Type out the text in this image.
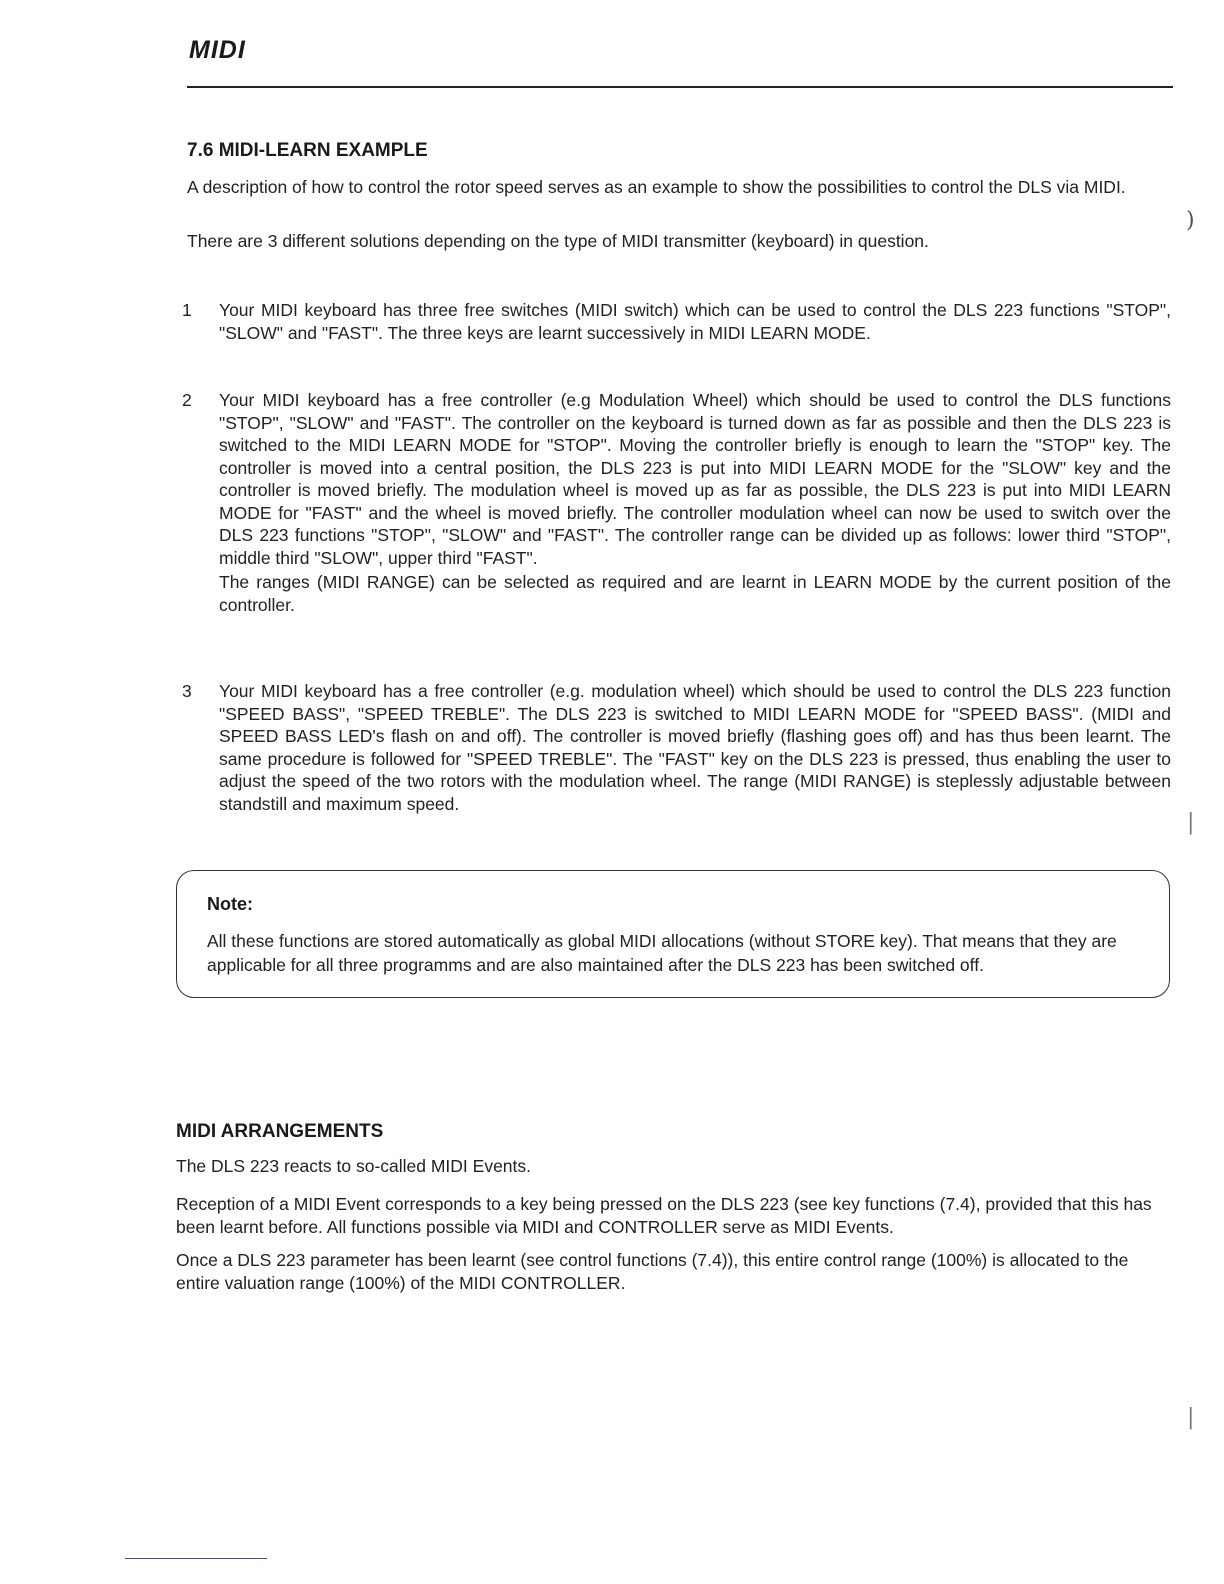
MIDI
7.6 MIDI-LEARN EXAMPLE
A description of how to control the rotor speed serves as an example to show the possibilities to control the DLS via MIDI.
There are 3 different solutions depending on the type of MIDI transmitter (keyboard) in question.
1	Your MIDI keyboard has three free switches (MIDI switch) which can be used to control the DLS 223 functions "STOP", "SLOW" and "FAST". The three keys are learnt successively in MIDI LEARN MODE.

2	Your MIDI keyboard has a free controller (e.g Modulation Wheel) which should be used to control the DLS functions "STOP", "SLOW" and "FAST". The controller on the keyboard is turned down as far as possible and then the DLS 223 is switched to the MIDI LEARN MODE for "STOP". Moving the controller briefly is enough to learn the "STOP" key. The controller is moved into a central position, the DLS 223 is put into MIDI LEARN MODE for the "SLOW" key and the controller is moved briefly. The modulation wheel is moved up as far as possible, the DLS 223 is put into MIDI LEARN MODE for "FAST" and the wheel is moved briefly. The controller modulation wheel can now be used to switch over the DLS 223 functions "STOP", "SLOW" and "FAST". The controller range can be divided up as follows: lower third "STOP", middle third "SLOW", upper third "FAST".

The ranges (MIDI RANGE) can be selected as required and are learnt in LEARN MODE by the current position of the controller.

3	Your MIDI keyboard has a free controller (e.g. modulation wheel) which should be used to control the DLS 223 function "SPEED BASS", "SPEED TREBLE". The DLS 223 is switched to MIDI LEARN MODE for "SPEED BASS". (MIDI and SPEED BASS LED's flash on and off). The controller is moved briefly (flashing goes off) and has thus been learnt. The same procedure is followed for "SPEED TREBLE". The "FAST" key on the DLS 223 is pressed, thus enabling the user to adjust the speed of the two rotors with the modulation wheel. The range (MIDI RANGE) is steplessly adjustable between standstill and maximum speed.

Note:
All these functions are stored automatically as global MIDI allocations (without STORE key). That means that they are applicable for all three programms and are also maintained after the DLS 223 has been switched off.
MIDI ARRANGEMENTS
The DLS 223 reacts to so-called MIDI Events.
Reception of a MIDI Event corresponds to a key being pressed on the DLS 223 (see key functions (7.4), provided that this has been learnt before. All functions possible via MIDI and CONTROLLER serve as MIDI Events.
Once a DLS 223 parameter has been learnt (see control functions (7.4)), this entire control range (100%) is allocated to the entire valuation range (100%) of the MIDI CONTROLLER.
)
|
|
